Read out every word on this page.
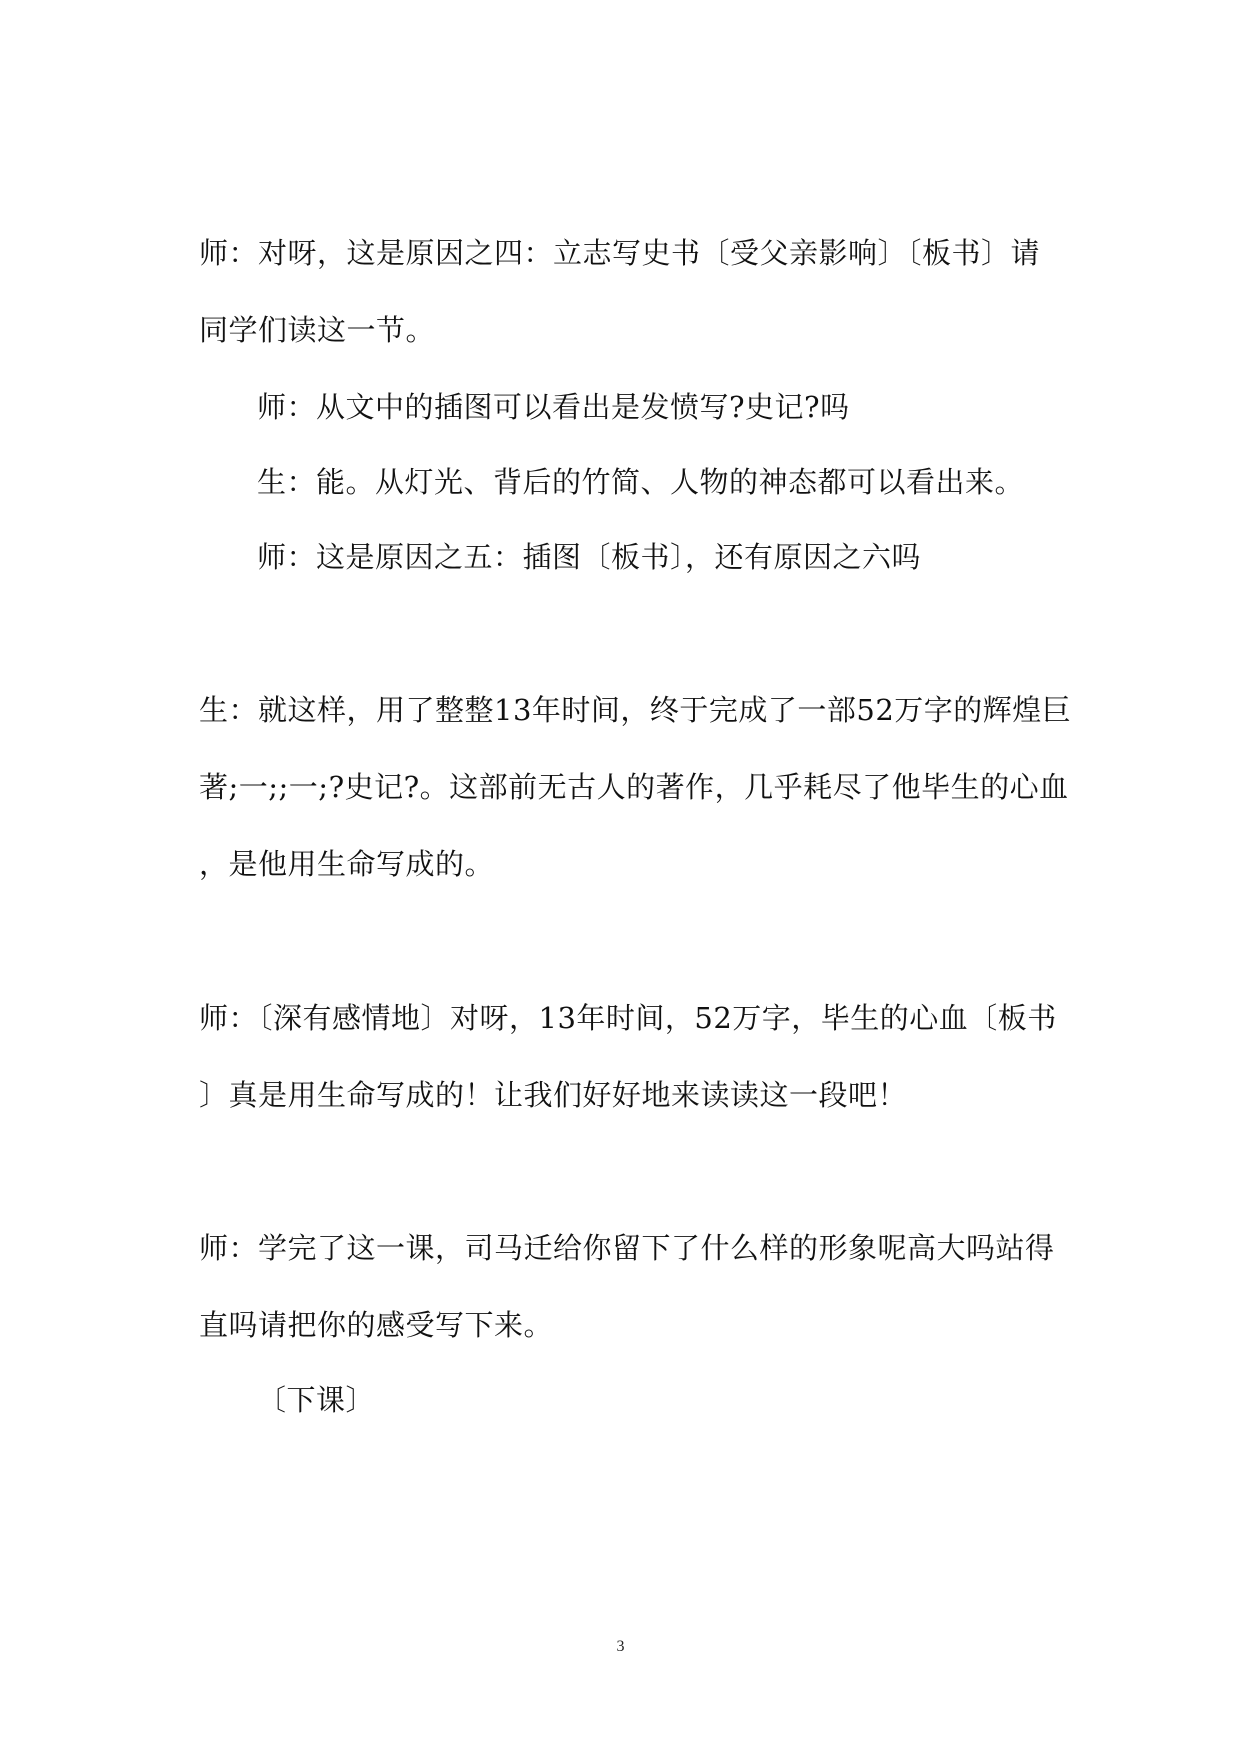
师：对呀，这是原因之四：立志写史书〔受父亲影响〕〔板书〕请
同学们读这一节。
师：从文中的插图可以看出是发愤写?史记?吗
生：能。从灯光、背后的竹简、人物的神态都可以看出来。
师：这是原因之五：插图〔板书〕，还有原因之六吗
生：就这样，用了整整13年时间，终于完成了一部52万字的辉煌巨
著;一;;一;?史记?。这部前无古人的著作，几乎耗尽了他毕生的心血
，是他用生命写成的。
师：〔深有感情地〕对呀，13年时间，52万字，毕生的心血〔板书
〕真是用生命写成的！让我们好好地来读读这一段吧！
师：学完了这一课，司马迁给你留下了什么样的形象呢高大吗站得
直吗请把你的感受写下来。
〔下课〕
3
